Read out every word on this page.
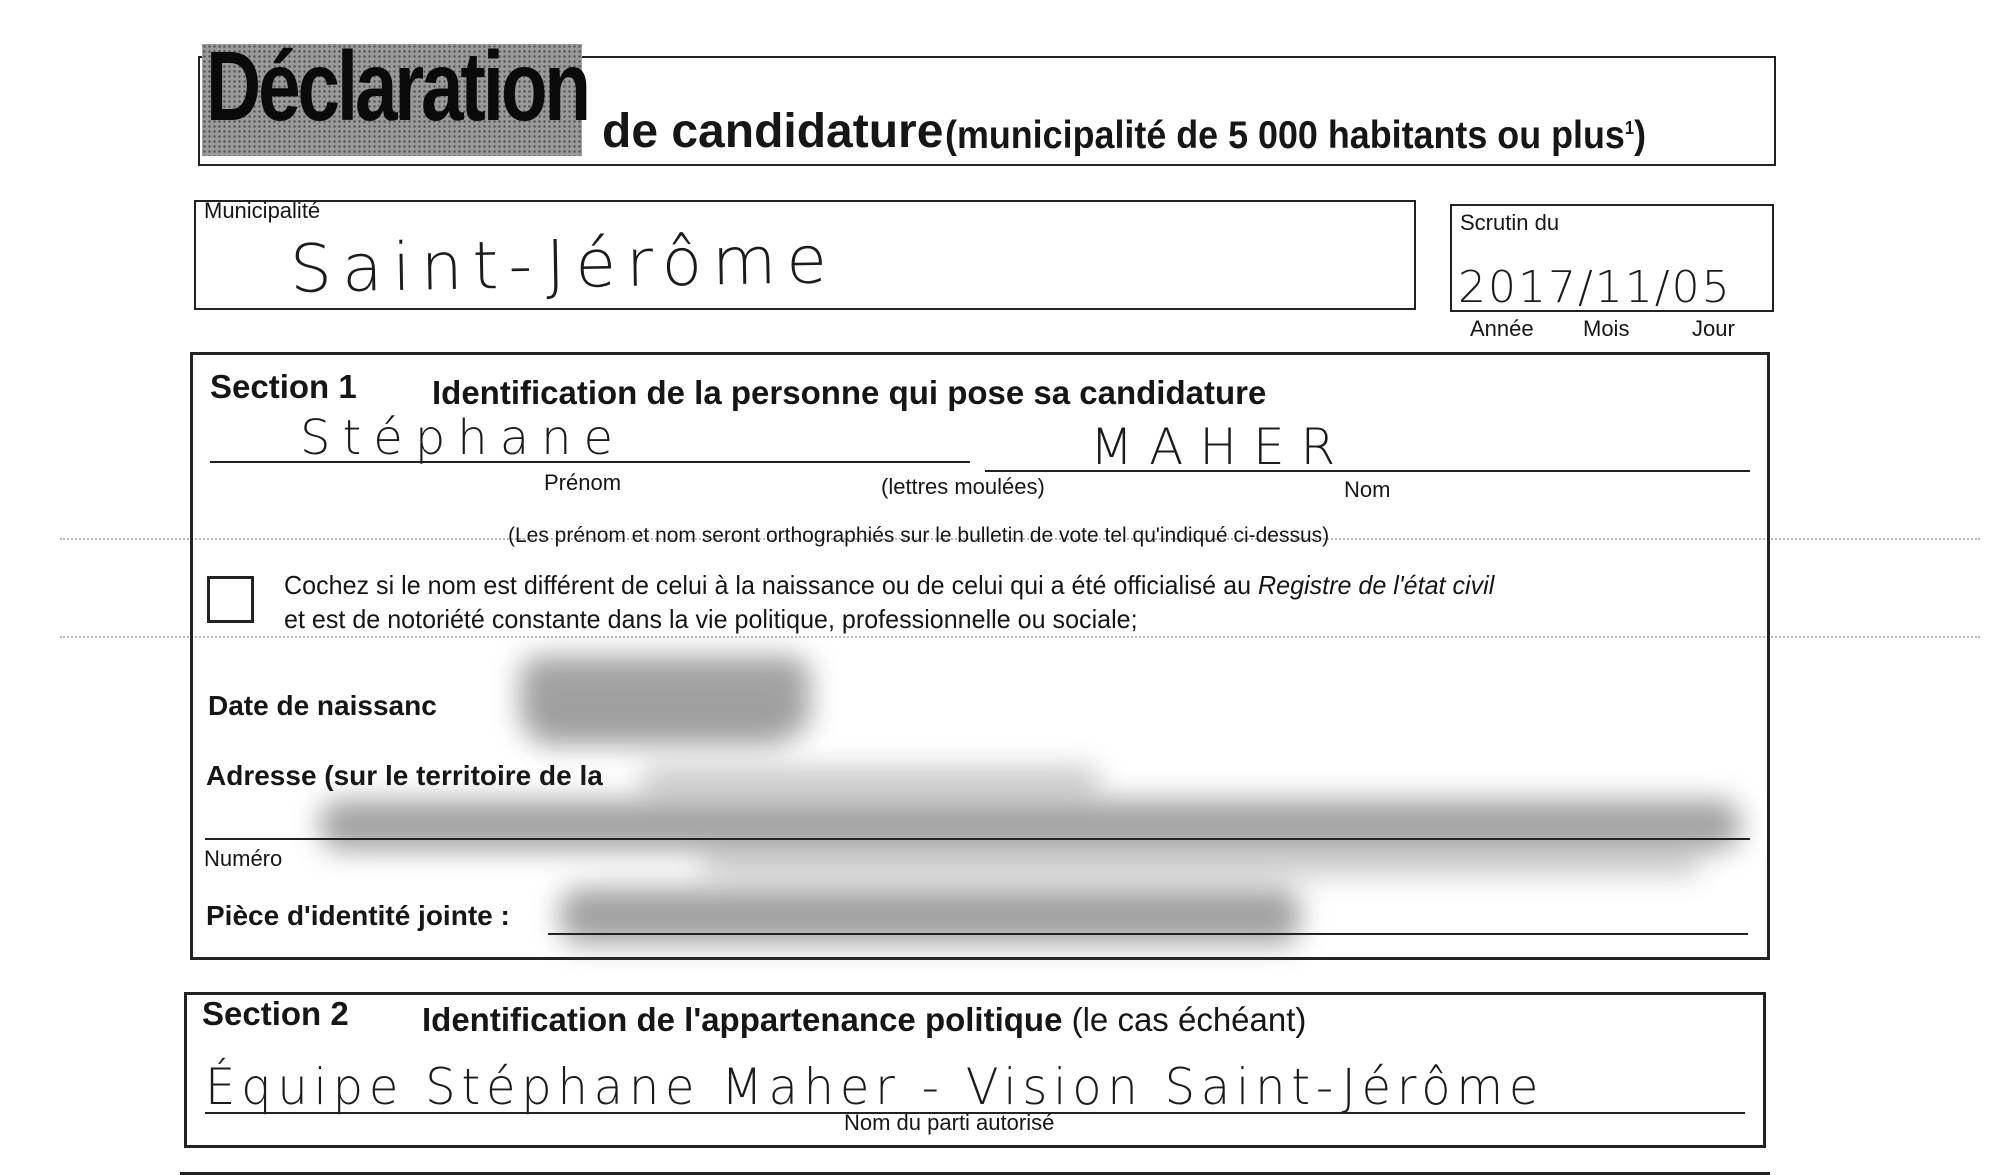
Déclaration de candidature (municipalité de 5 000 habitants ou plus$^1$)
Municipalité
Saint-Jérôme	Scrutin du
2017/11/05
Année Mois	Jour
Section 1 Identification de la personne qui pose sa candidature
Stéphane	MAHER
Prénom	(lettres moulées)	Nom
(Les prénom et nom seront orthographiés sur le bulletin de vote tel qu'indiqué ci-dessus)
Cochez si le nom est différent de celui à la naissance ou de celui qui a été officialisé au Registre de l'état civil
et est de notoriété constante dans la vie politique, professionnelle ou sociale;
Date de naissanc
Adresse (sur le territoire de la
Numéro
Pièce d'identité jointe :
Section 2 Identification de l'appartenance politique (le cas échéant)
Équipe Stéphane Maher - Vision Saint-Jérôme
Nom du parti autorisé
